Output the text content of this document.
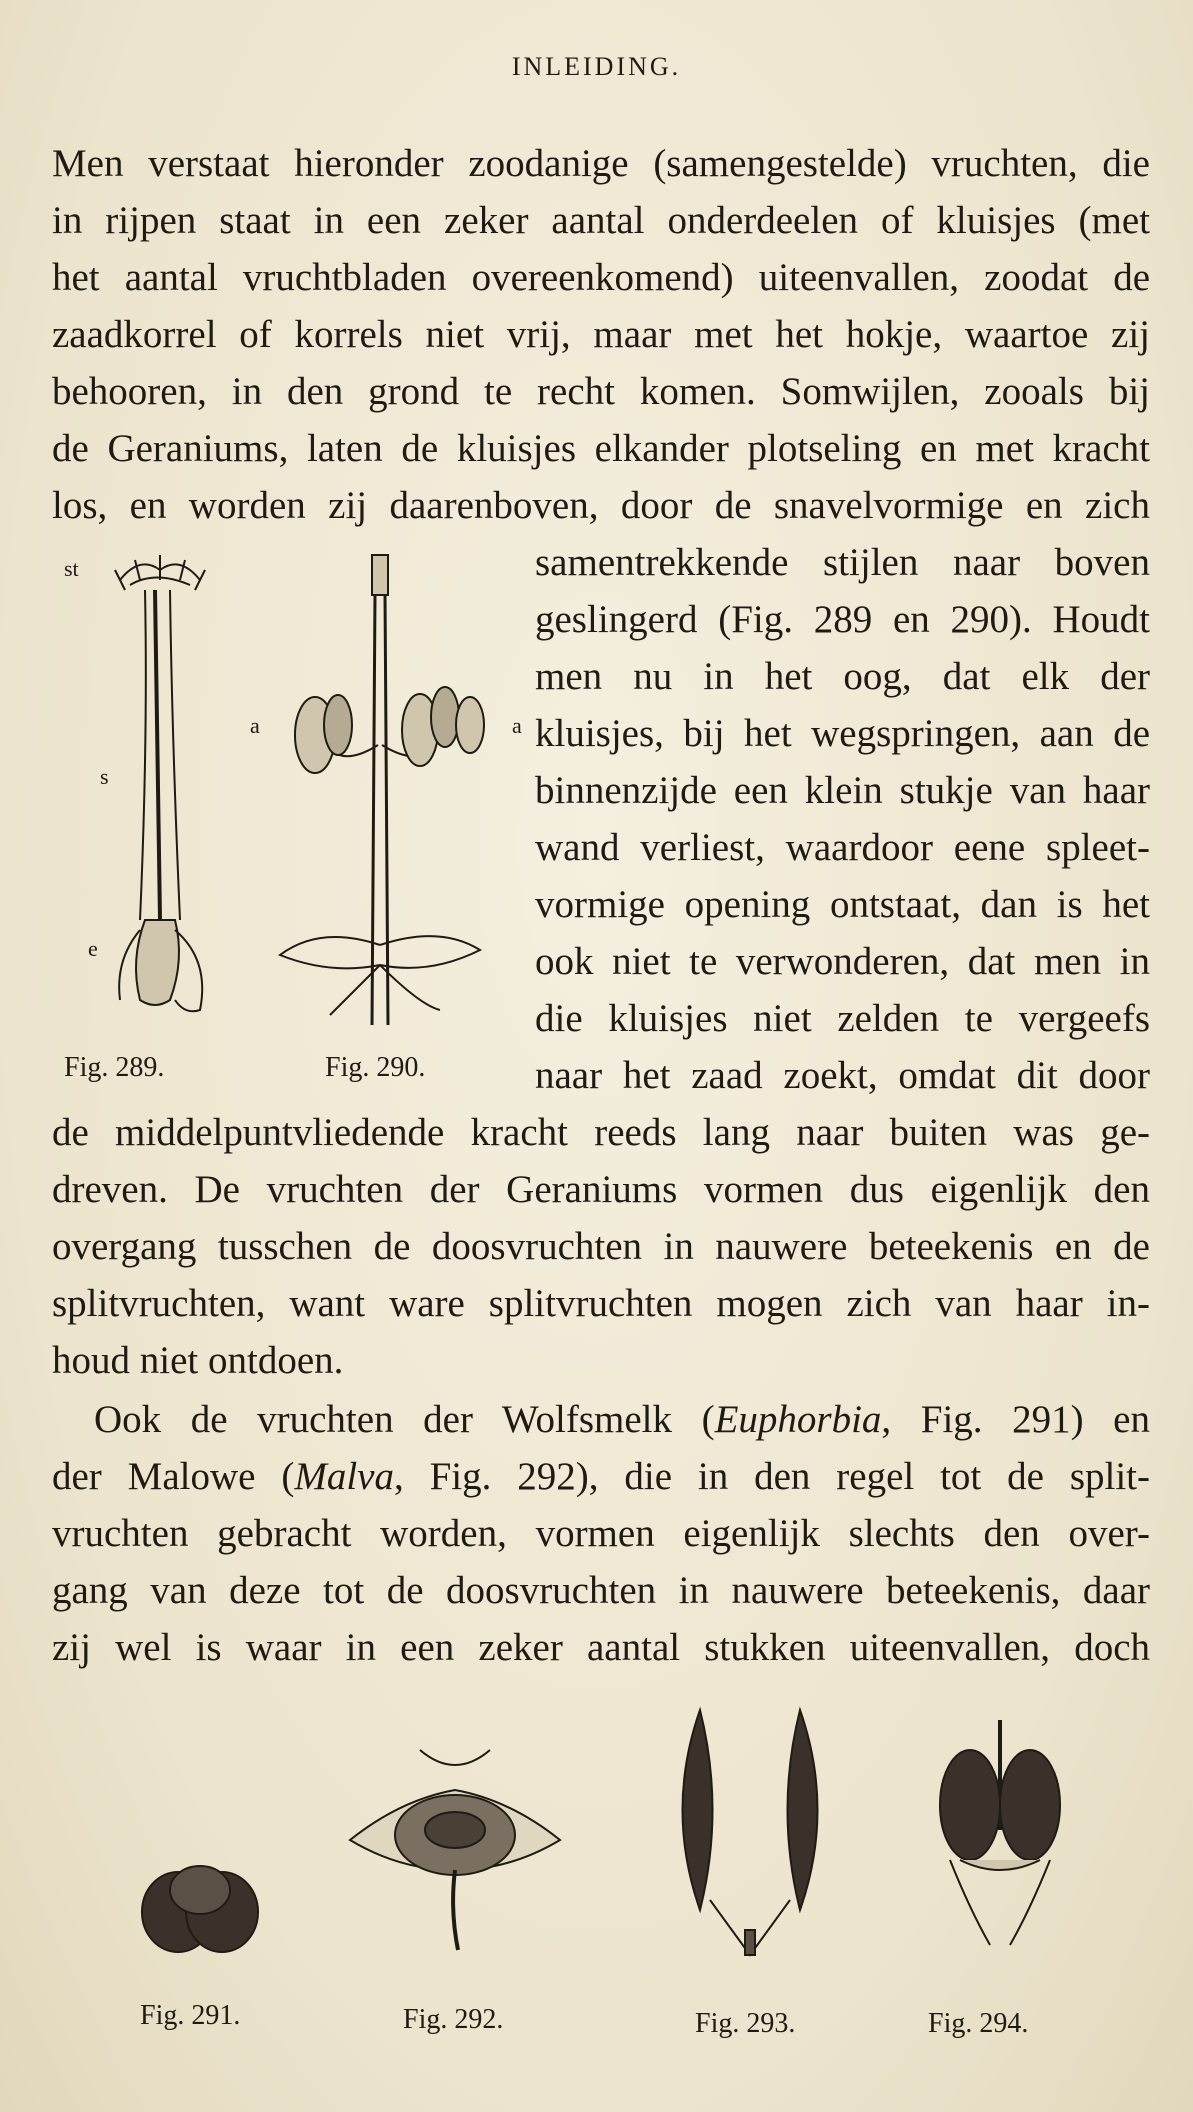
INLEIDING.
Men verstaat hieronder zoodanige (samengestelde) vruchten, die
in rijpen staat in een zeker aantal onderdeelen of kluisjes (met
het aantal vruchtbladen overeenkomend) uiteenvallen, zoodat de
zaadkorrel of korrels niet vrij, maar met het hokje, waartoe zij
behooren, in den grond te recht komen. Somwijlen, zooals bij
de Geraniums, laten de kluisjes elkander plotseling en met kracht
los, en worden zij daarenboven, door de snavelvormige en zich
samentrekkende stijlen naar boven
geslingerd (Fig. 289 en 290). Houdt
men nu in het oog, dat elk der
kluisjes, bij het wegspringen, aan de
binnenzijde een klein stukje van haar
wand verliest, waardoor eene spleet-
vormige opening ontstaat, dan is het
ook niet te verwonderen, dat men in
die kluisjes niet zelden te vergeefs
naar het zaad zoekt, omdat dit door
de middelpuntvliedende kracht reeds lang naar buiten was ge-
dreven. De vruchten der Geraniums vormen dus eigenlijk den
overgang tusschen de doosvruchten in nauwere beteekenis en de
splitvruchten, want ware splitvruchten mogen zich van haar in-
houd niet ontdoen.
Ook de vruchten der Wolfsmelk (Euphorbia, Fig. 291) en
der Malowe (Malva, Fig. 292), die in den regel tot de split-
vruchten gebracht worden, vormen eigenlijk slechts den over-
gang van deze tot de doosvruchten in nauwere beteekenis, daar
zij wel is waar in een zeker aantal stukken uiteenvallen, doch
st
s
e
a	a
Fig. 289.	Fig. 290.
Fig. 291.	Fig. 292.	Fig. 293.	Fig. 294.
